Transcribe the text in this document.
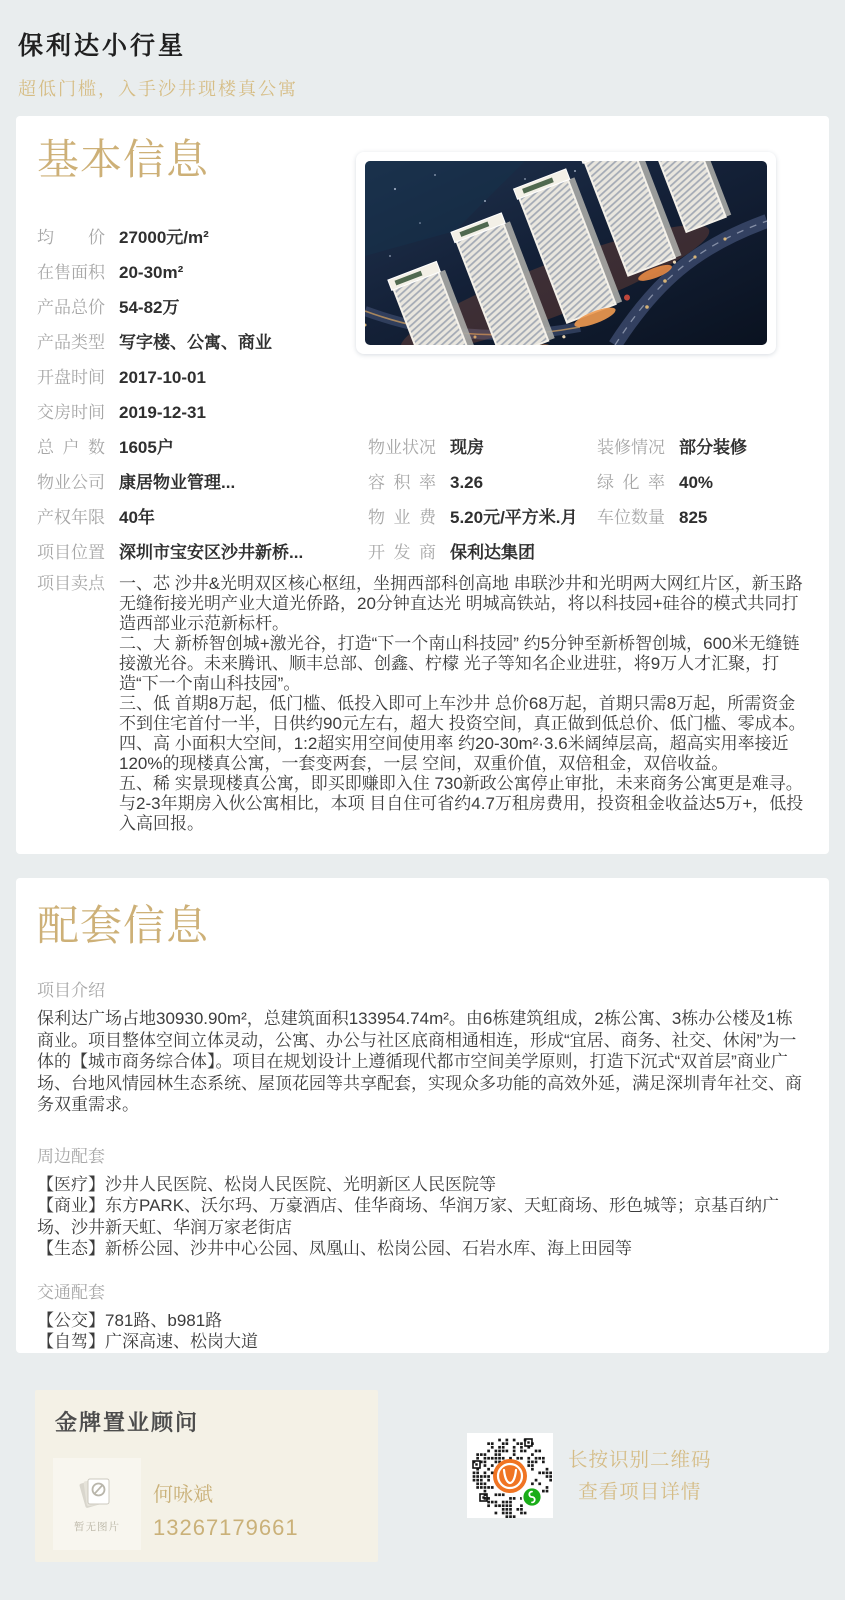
保利达小行星
超低门槛，入手沙井现楼真公寓
基本信息
均价 27000元/m²
在售面积 20-30m²
产品总价 54-82万
产品类型 写字楼、公寓、商业
开盘时间 2017-10-01
交房时间 2019-12-31
总户数 1605户
物业公司 康居物业管理...
产权年限 40年
项目位置 深圳市宝安区沙井新桥...
物业状况 现房
容积率 3.26
物业费 5.20元/平方米.月
开发商 保利达集团
装修情况 部分装修
绿化率 40%
车位数量 825
项目卖点 一、芯 沙井&光明双区核心枢纽，坐拥西部科创高地 串联沙井和光明两大网红片区，新玉路无缝衔接光明产业大道光侨路，20分钟直达光 明城高铁站，将以科技园+硅谷的模式共同打造西部业示范新标杆。
二、大 新桥智创城+激光谷，打造“下一个南山科技园” 约5分钟至新桥智创城，600米无缝链接激光谷。未来腾讯、顺丰总部、创鑫、柠檬 光子等知名企业进驻，将9万人才汇聚，打造“下一个南山科技园”。
三、低 首期8万起，低门槛、低投入即可上车沙井 总价68万起，首期只需8万起，所需资金不到住宅首付一半，日供约90元左右，超大 投资空间，真正做到低总价、低门槛、零成本。
四、高 小面积大空间，1:2超实用空间使用率 约20-30m²·3.6米阔绰层高，超高实用率接近120%的现楼真公寓，一套变两套，一层 空间，双重价值，双倍租金，双倍收益。
五、稀 实景现楼真公寓，即买即赚即入住 730新政公寓停止审批，未来商务公寓更是难寻。与2-3年期房入伙公寓相比，本项 目自住可省约4.7万租房费用，投资租金收益达5万+，低投入高回报。
配套信息
项目介绍
保利达广场占地30930.90m²，总建筑面积133954.74m²。由6栋建筑组成，2栋公寓、3栋办公楼及1栋商业。项目整体空间立体灵动，公寓、办公与社区底商相通相连，形成“宜居、商务、社交、休闲”为一体的【城市商务综合体】。项目在规划设计上遵循现代都市空间美学原则，打造下沉式“双首层”商业广场、台地风情园林生态系统、屋顶花园等共享配套，实现众多功能的高效外延，满足深圳青年社交、商务双重需求。
周边配套
【医疗】沙井人民医院、松岗人民医院、光明新区人民医院等
【商业】东方PARK、沃尔玛、万豪酒店、佳华商场、华润万家、天虹商场、形色城等；京基百纳广场、沙井新天虹、华润万家老街店
【生态】新桥公园、沙井中心公园、凤凰山、松岗公园、石岩水库、海上田园等
交通配套
【公交】781路、b981路
【自驾】广深高速、松岗大道
金牌置业顾问
暂无图片
何咏斌
13267179661
长按识别二维码
查看项目详情
